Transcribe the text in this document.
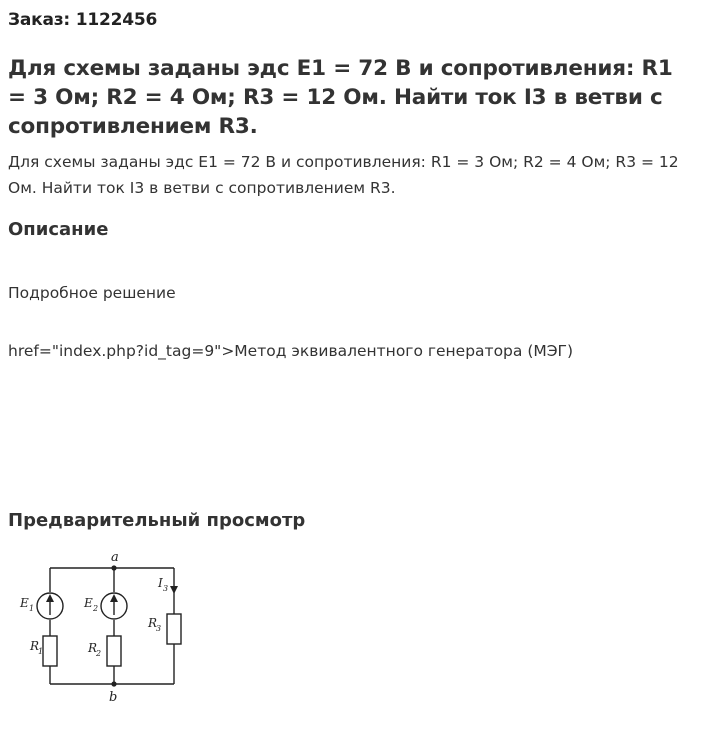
Заказ: 1122456
Для схемы заданы эдс E1 = 72 В и сопротивления: R1 = 3 Ом; R2 = 4 Ом; R3 = 12 Ом. Найти ток I3 в ветви с сопротивлением R3.
Для схемы заданы эдс E1 = 72 В и сопротивления: R1 = 3 Ом; R2 = 4 Ом; R3 = 12 Ом. Найти ток I3 в ветви с сопротивлением R3.
Описание
Подробное решение
href="index.php?id_tag=9">Метод эквивалентного генератора (МЭГ)
Предварительный просмотр
a
b
E 1	E 2
R
1	R
2
R
3
I 3
